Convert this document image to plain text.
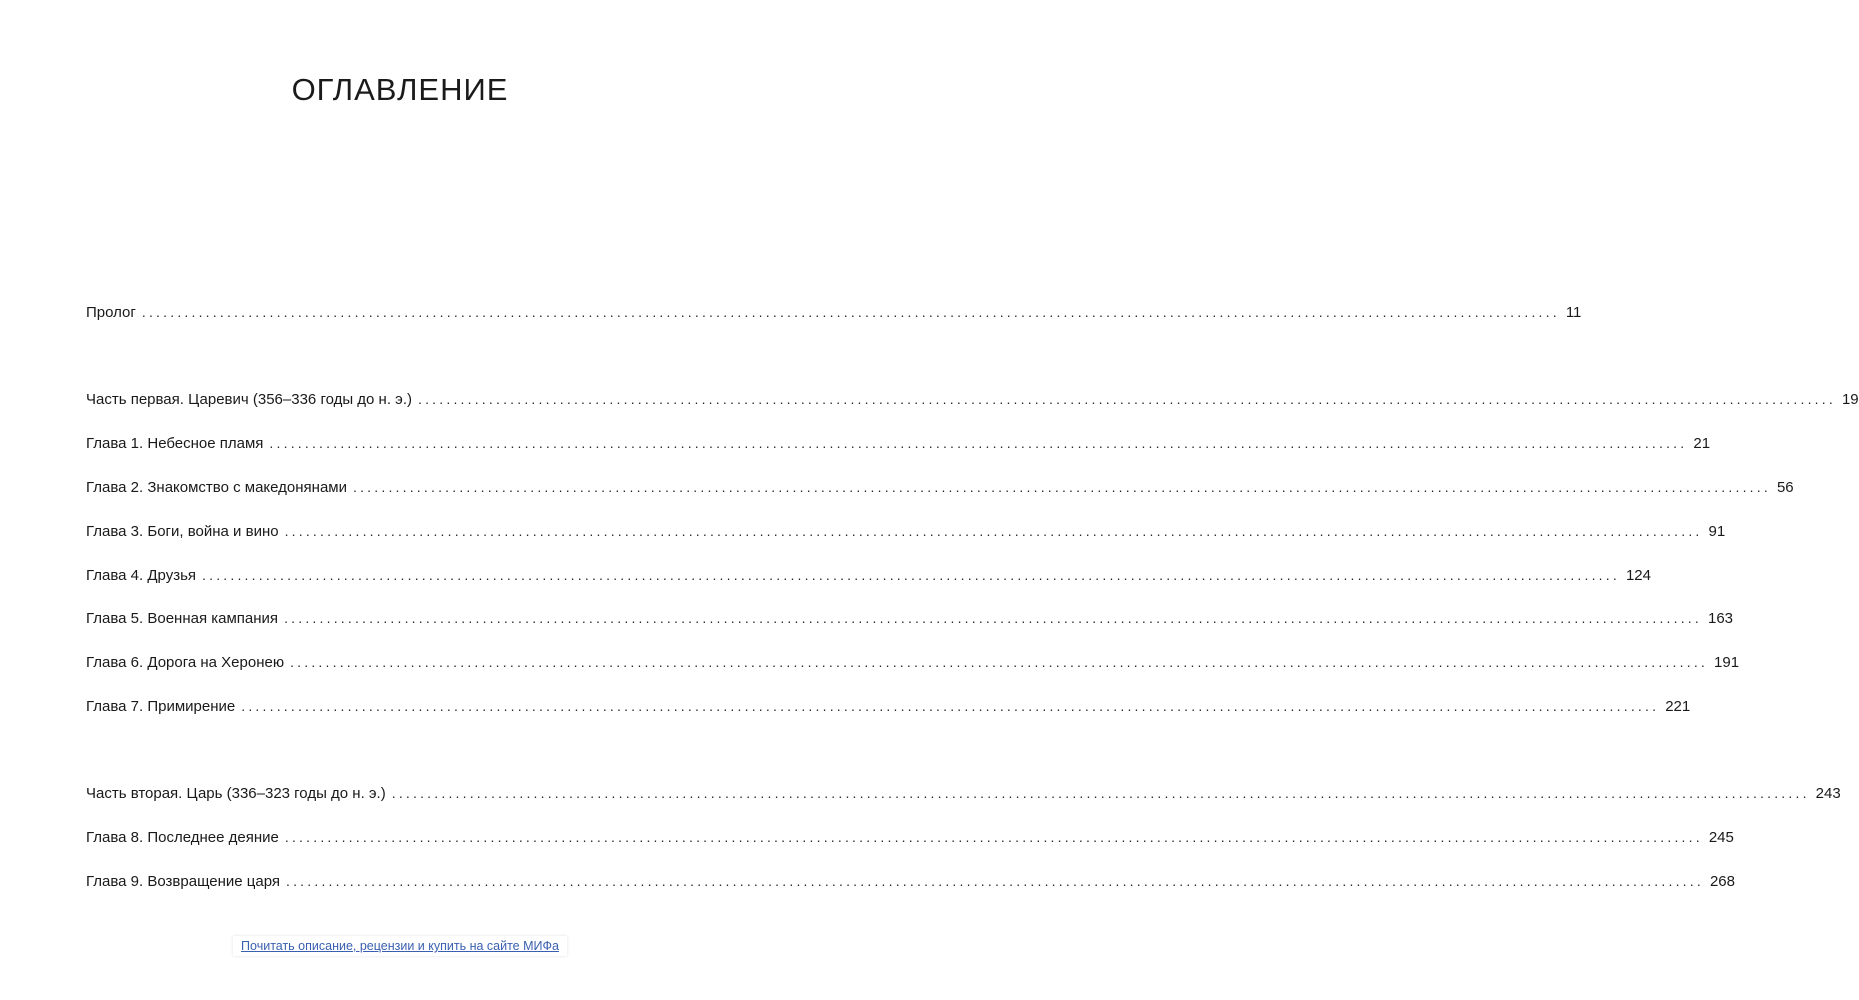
ОГЛАВЛЕНИЕ
Пролог ........................................................................................................................................................................................................ 11
Часть первая. Царевич (356–336 годы до н. э.) ........................................................................................................................................................................................................ 19
Глава 1. Небесное пламя ........................................................................................................................................................................................................ 21
Глава 2. Знакомство с македонянами ........................................................................................................................................................................................................ 56
Глава 3. Боги, война и вино ........................................................................................................................................................................................................ 91
Глава 4. Друзья ........................................................................................................................................................................................................ 124
Глава 5. Военная кампания ........................................................................................................................................................................................................ 163
Глава 6. Дорога на Херонею ........................................................................................................................................................................................................ 191
Глава 7. Примирение ........................................................................................................................................................................................................ 221
Часть вторая. Царь (336–323 годы до н. э.) ........................................................................................................................................................................................................ 243
Глава 8. Последнее деяние ........................................................................................................................................................................................................ 245
Глава 9. Возвращение царя ........................................................................................................................................................................................................ 268
Почитать описание, рецензии и купить на сайте МИФа
